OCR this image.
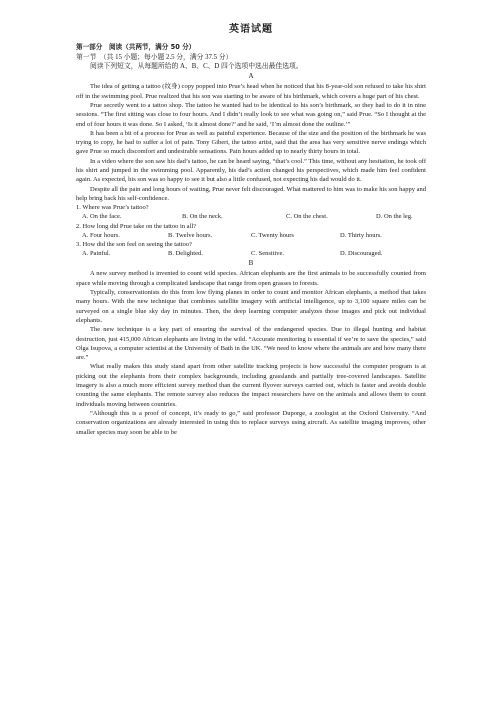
英语试题
第一部分　阅读（共两节，满分 50 分）
第一节　（共 15 小题；每小题 2.5 分，满分 37.5 分）
阅读下列短文，从每题所给的 A、B、C、D 四个选项中选出最佳选项。
A

The idea of getting a tattoo (纹身) copy popped into Prue’s head when he noticed that his 8-year-old son refused to take his shirt off in the swimming pool. Prue realized that his son was starting to be aware of his birthmark, which covers a huge part of his chest.

Prue secretly went to a tattoo shop. The tattoo he wanted had to be identical to his son’s birthmark, so they had to do it in nine sessions. “The first sitting was close to four hours. And I didn’t really look to see what was going on,” said Prue. “So I thought at the end of four hours it was done. So I asked, ‘Is it almost done?’ and he said, ‘I’m almost done the outline.’”

It has been a bit of a process for Prue as well as painful experience. Because of the size and the position of the birthmark he was trying to copy, he had to suffer a lot of pain. Tony Gibert, the tattoo artist, said that the area has very sensitive nerve endings which gave Prue so much discomfort and undesirable sensations. Pain hours added up to nearly thirty hours in total.

In a video where the son saw his dad’s tattoo, he can be heard saying, “that’s cool.” This time, without any hesitation, he took off his shirt and jumped in the swimming pool. Apparently, his dad’s action changed his perspectives, which made him feel confident again. As expected, his son was so happy to see it but also a little confused, not expecting his dad would do it.

Despite all the pain and long hours of waiting, Prue never felt discouraged. What mattered to him was to make his son happy and help bring back his self-confidence.

1. Where was Prue’s tattoo?
A. On the face.	B. On the neck.	C. On the chest.	D. On the leg.
2. How long did Prue take on the tattoo in all?
A. Four hours.	B. Twelve hours.	C. Twenty hours	D. Thirty hours.
3. How did the son feel on seeing the tattoo?
A. Painful.	B. Delighted.	C. Sensitive.	D. Discouraged.
B

A new survey method is invented to count wild species. African elephants are the first animals to be successfully counted from space while moving through a complicated landscape that range from open grasses to forests.

Typically, conservationists do this from low flying planes in order to count and monitor African elephants, a method that takes many hours. With the new technique that combines satellite imagery with artificial intelligence, up to 3,100 square miles can be surveyed on a single blue sky day in minutes. Then, the deep learning computer analyzes those images and pick out individual elephants.

The new technique is a key part of ensuring the survival of the endangered species. Due to illegal hunting and habitat destruction, just 415,000 African elephants are living in the wild. “Accurate monitoring is essential if we’re to save the species,” said Olga Isupova, a computer scientist at the University of Bath in the UK. “We need to know where the animals are and how many there are.”

What really makes this study stand apart from other satellite tracking projects is how successful the computer program is at picking out the elephants from their complex backgrounds, including grasslands and partially tree-covered landscapes. Satellite imagery is also a much more efficient survey method than the current flyover surveys carried out, which is faster and avoids double counting the same elephants. The remote survey also reduces the impact researchers have on the animals and allows them to count individuals moving between countries.

“Although this is a proof of concept, it’s ready to go,” said professor Duporge, a zoologist at the Oxford University. “And conservation organizations are already interested in using this to replace surveys using aircraft. As satellite imaging improves, other smaller species may soon be able to be
